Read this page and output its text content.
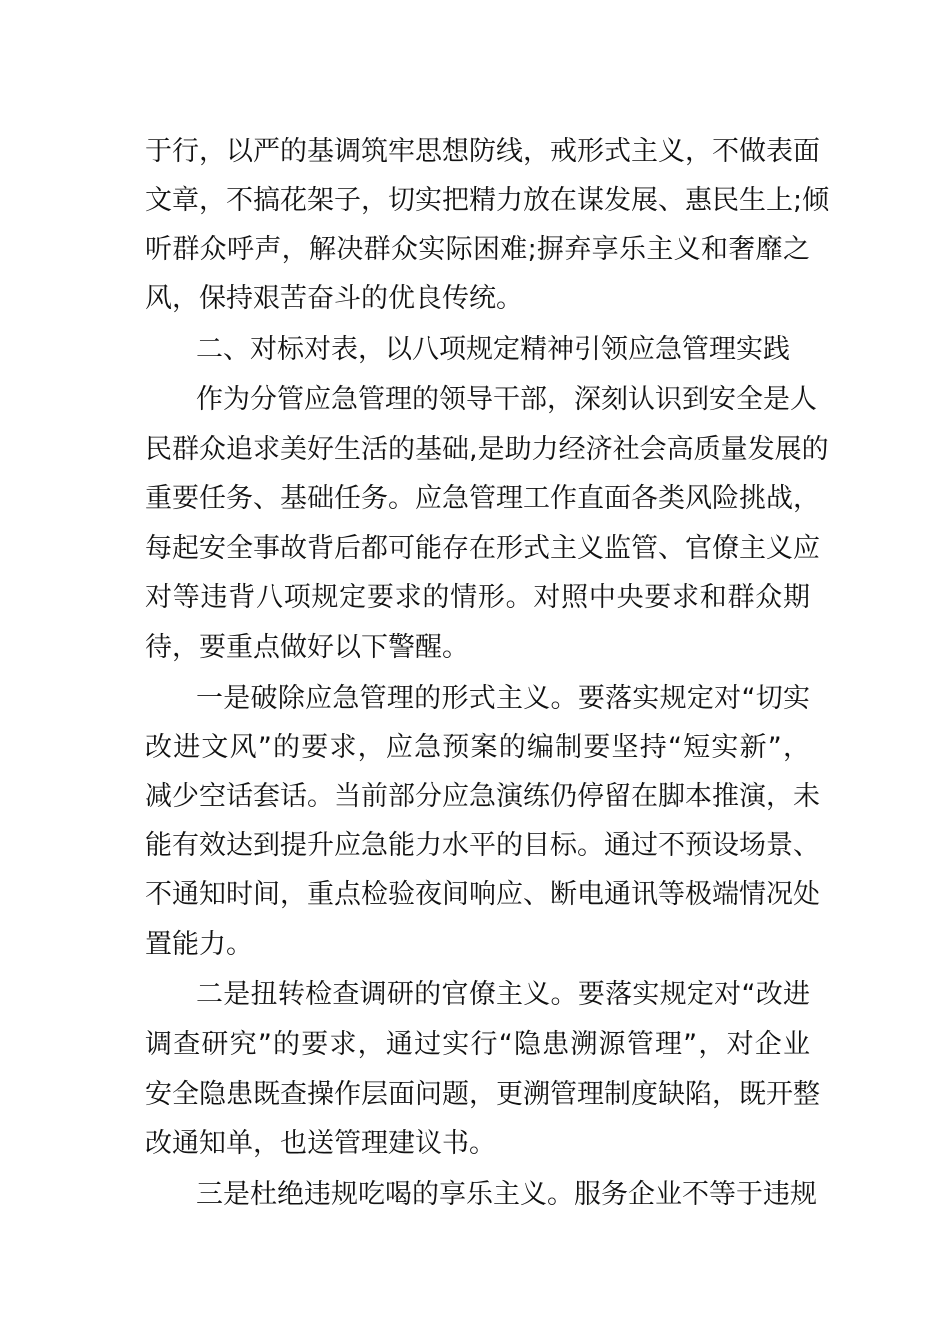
于行，以严的基调筑牢思想防线，戒形式主义，不做表面
文章，不搞花架子，切实把精力放在谋发展、惠民生上;倾
听群众呼声，解决群众实际困难;摒弃享乐主义和奢靡之
风，保持艰苦奋斗的优良传统。
二、对标对表，以八项规定精神引领应急管理实践
作为分管应急管理的领导干部，深刻认识到安全是人
民群众追求美好生活的基础,是助力经济社会高质量发展的
重要任务、基础任务。应急管理工作直面各类风险挑战，
每起安全事故背后都可能存在形式主义监管、官僚主义应
对等违背八项规定要求的情形。对照中央要求和群众期
待，要重点做好以下警醒。
一是破除应急管理的形式主义。要落实规定对“切实
改进文风”的要求，应急预案的编制要坚持“短实新”，
减少空话套话。当前部分应急演练仍停留在脚本推演，未
能有效达到提升应急能力水平的目标。通过不预设场景、
不通知时间，重点检验夜间响应、断电通讯等极端情况处
置能力。
二是扭转检查调研的官僚主义。要落实规定对“改进
调查研究”的要求，通过实行“隐患溯源管理”，对企业
安全隐患既查操作层面问题，更溯管理制度缺陷，既开整
改通知单，也送管理建议书。
三是杜绝违规吃喝的享乐主义。服务企业不等于违规
